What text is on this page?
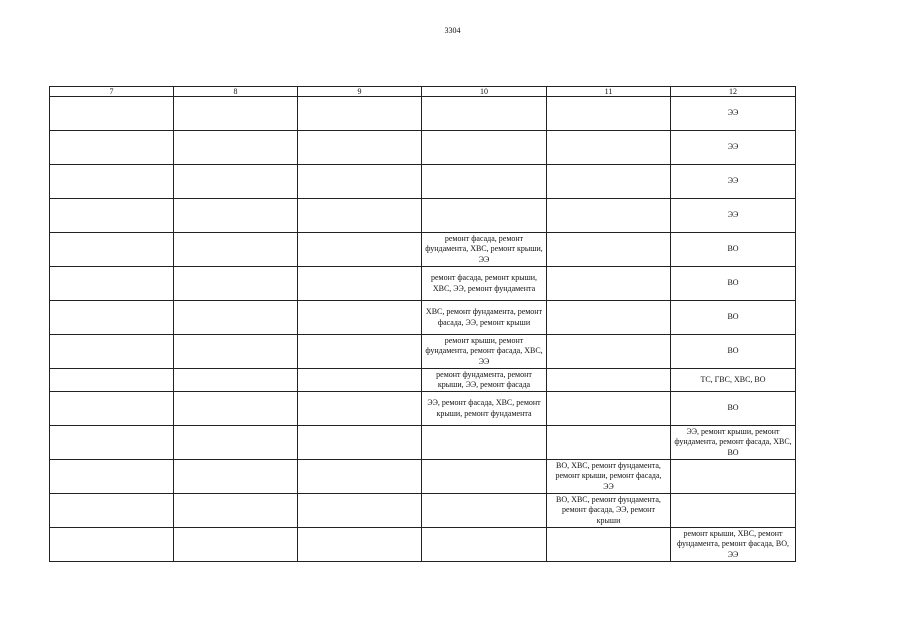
3304
7	8	9	10	11	12
					ЭЭ
					ЭЭ
					ЭЭ
					ЭЭ
			ремонт фасада, ремонт фундамента, ХВС, ремонт крыши, ЭЭ		ВО
			ремонт фасада, ремонт крыши, ХВС, ЭЭ, ремонт фундамента		ВО
			ХВС, ремонт фундамента, ремонт фасада, ЭЭ, ремонт крыши		ВО
			ремонт крыши, ремонт фундамента, ремонт фасада, ХВС, ЭЭ		ВО
			ремонт фундамента, ремонт крыши, ЭЭ, ремонт фасада		ТС, ГВС, ХВС, ВО
			ЭЭ, ремонт фасада, ХВС, ремонт крыши, ремонт фундамента		ВО
					ЭЭ, ремонт крыши, ремонт фундамента, ремонт фасада, ХВС, ВО
				ВО, ХВС, ремонт фундамента, ремонт крыши, ремонт фасада, ЭЭ	
				ВО, ХВС, ремонт фундамента, ремонт фасада, ЭЭ, ремонт крыши	
					ремонт крыши, ХВС, ремонт фундамента, ремонт фасада, ВО, ЭЭ
